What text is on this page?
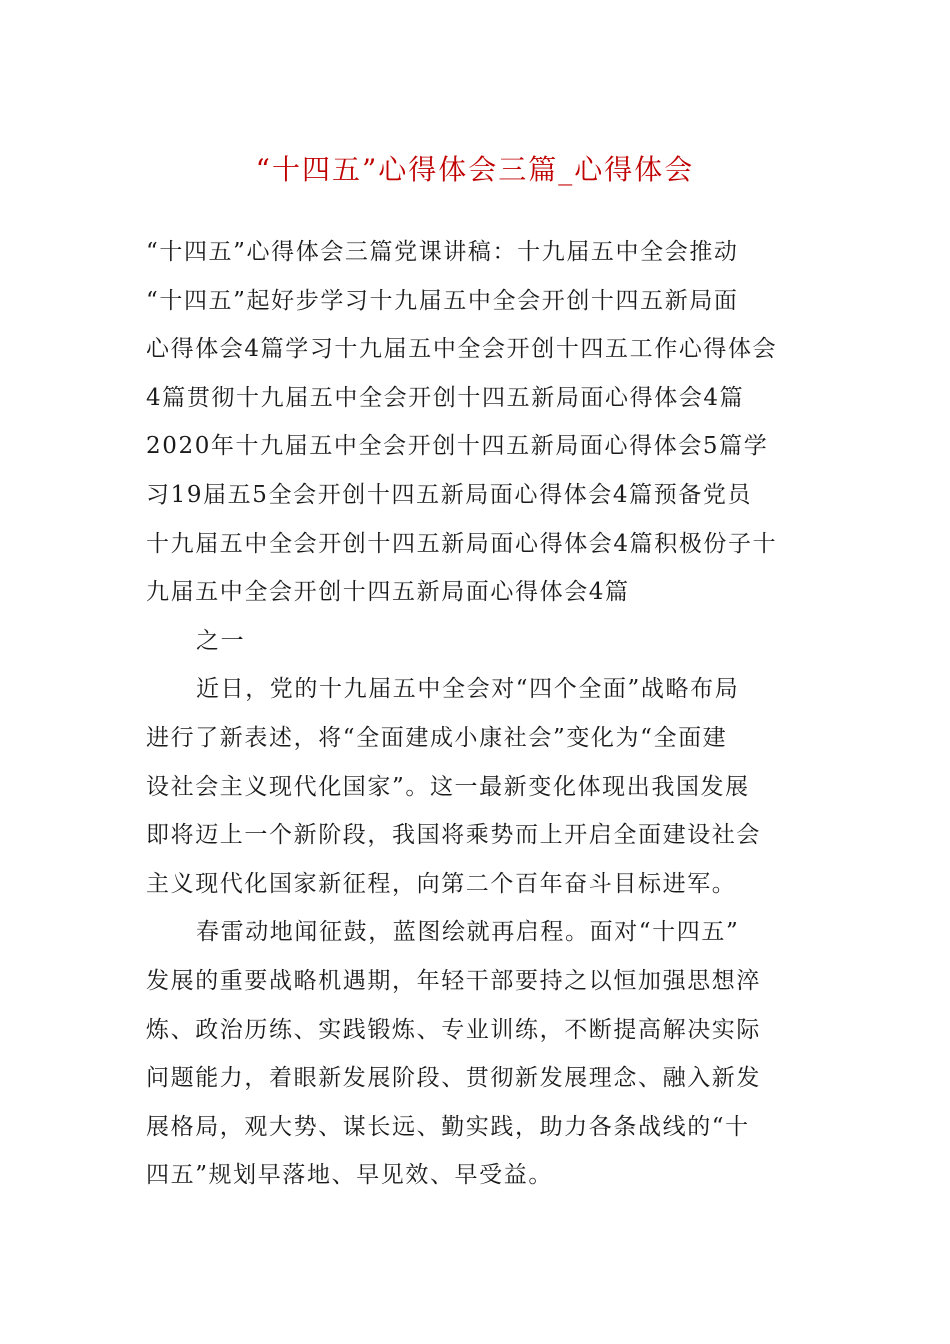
“十四五”心得体会三篇_心得体会
“十四五”心得体会三篇党课讲稿：十九届五中全会推动
“十四五”起好步学习十九届五中全会开创十四五新局面
心得体会4篇学习十九届五中全会开创十四五工作心得体会
4篇贯彻十九届五中全会开创十四五新局面心得体会4篇
2020年十九届五中全会开创十四五新局面心得体会5篇学
习19届五5全会开创十四五新局面心得体会4篇预备党员
十九届五中全会开创十四五新局面心得体会4篇积极份子十
九届五中全会开创十四五新局面心得体会4篇
之一
近日，党的十九届五中全会对“四个全面”战略布局
进行了新表述，将“全面建成小康社会”变化为“全面建
设社会主义现代化国家”。这一最新变化体现出我国发展
即将迈上一个新阶段，我国将乘势而上开启全面建设社会
主义现代化国家新征程，向第二个百年奋斗目标进军。
春雷动地闻征鼓，蓝图绘就再启程。面对“十四五”
发展的重要战略机遇期，年轻干部要持之以恒加强思想淬
炼、政治历练、实践锻炼、专业训练，不断提高解决实际
问题能力，着眼新发展阶段、贯彻新发展理念、融入新发
展格局，观大势、谋长远、勤实践，助力各条战线的“十
四五”规划早落地、早见效、早受益。
